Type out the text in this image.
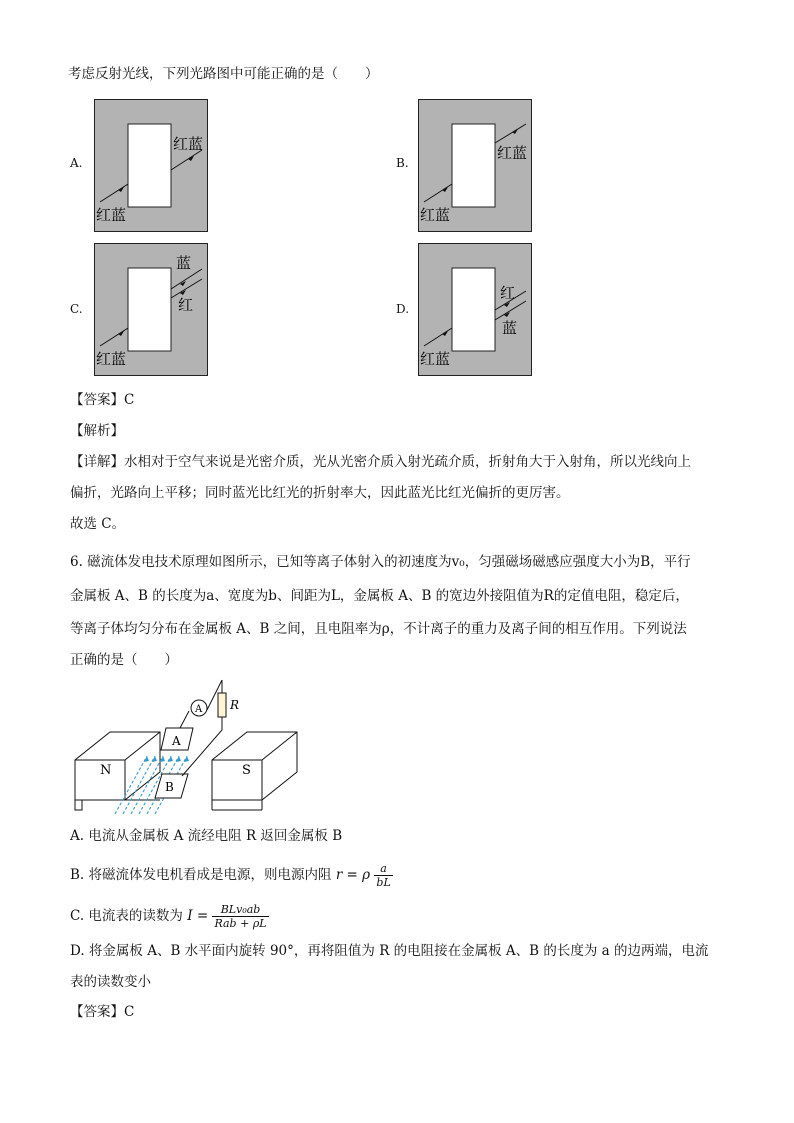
考虑反射光线，下列光路图中可能正确的是（　　）
A.
红蓝
红蓝
B.
红蓝
红蓝
C.
红蓝
蓝
红	D.
红蓝
红
蓝
【答案】C
【解析】
【详解】水相对于空气来说是光密介质，光从光密介质入射光疏介质，折射角大于入射角，所以光线向上
偏折，光路向上平移；同时蓝光比红光的折射率大，因此蓝光比红光偏折的更厉害。
故选 C。
6. 磁流体发电技术原理如图所示，已知等离子体射入的初速度为v₀，匀强磁场磁感应强度大小为B，平行
金属板 A、B 的长度为a、宽度为b、间距为L，金属板 A、B 的宽边外接阻值为R的定值电阻，稳定后，
等离子体均匀分布在金属板 A、B 之间，且电阻率为ρ，不计离子的重力及离子间的相互作用。下列说法
正确的是（　　）
N	S
A
B
A R
A. 电流从金属板 A 流经电阻 R 返回金属板 B
B. 将磁流体发电机看成是电源，则电源内阻 r = ρ $\frac{a}{bL}$
C. 电流表的读数为 $I = \frac{\text{BLv₀ab}}{\text{Rab + ρL}}$
D. 将金属板 A、B 水平面内旋转 90°，再将阻值为 R 的电阻接在金属板 A、B 的长度为 a 的边两端，电流
表的读数变小
【答案】C
